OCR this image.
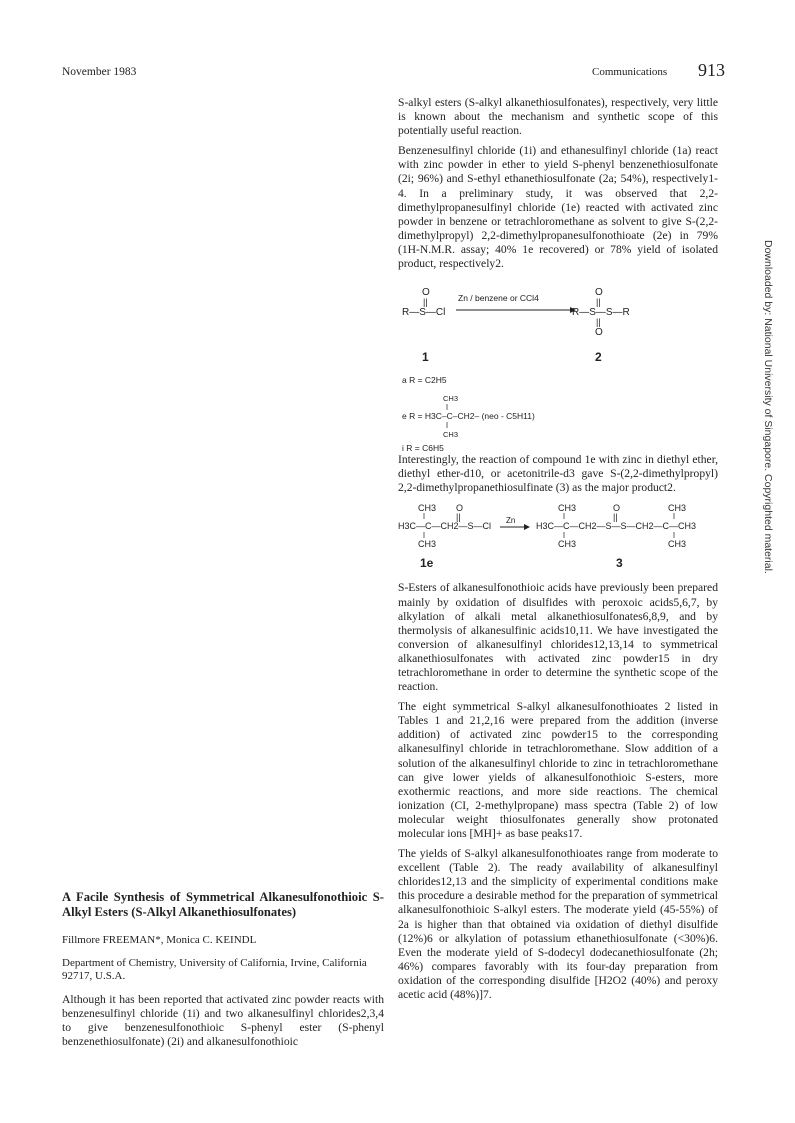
November 1983	Communications 913
Downloaded by: National University of Singapore. Copyrighted material.

S-alkyl esters (S-alkyl alkanethiosulfonates), respectively, very little is known about the mechanism and synthetic scope of this potentially useful reaction.

Benzenesulfinyl chloride (1i) and ethanesulfinyl chloride (1a) react with zinc powder in ether to yield S-phenyl benzenethiosulfonate (2i; 96%) and S-ethyl ethanethiosulfonate (2a; 54%), respectively1-4. In a preliminary study, it was observed that 2,2-dimethylpropanesulfinyl chloride (1e) reacted with activated zinc powder in benzene or tetrachloromethane as solvent to give S-(2,2-dimethylpropyl) 2,2-dimethylpropanesulfonothioate (2e) in 79% (1H-N.M.R. assay; 40% 1e recovered) or 78% yield of isolated product, respectively2.

O
||
R—S—Cl
Zn / benzene or CCl4	O
||
R—S—S—R
||
O
1	2
a R = C2H5
CH3
e R = H3C–C–CH2– (neo - C5H11)
CH3
i R = C6H5

Interestingly, the reaction of compound 1e with zinc in diethyl ether, diethyl ether-d10, or acetonitrile-d3 gave S-(2,2-dimethylpropyl) 2,2-dimethylpropanethiosulfinate (3) as the major product2.

CH3 O
||
H3C—C—CH2—S—Cl
CH3
Zn
CH3	O
||
CH3
H3C—C—CH2—S—S—CH2—C—CH3
CH3	CH3
1e	3

S-Esters of alkanesulfonothioic acids have previously been prepared mainly by oxidation of disulfides with peroxoic acids5,6,7, by alkylation of alkali metal alkanethiosulfonates6,8,9, and by thermolysis of alkanesulfinic acids10,11. We have investigated the conversion of alkanesulfinyl chlorides12,13,14 to symmetrical alkanethiosulfonates with activated zinc powder15 in dry tetrachloromethane in order to determine the synthetic scope of the reaction.

The eight symmetrical S-alkyl alkanesulfonothioates 2 listed in Tables 1 and 21,2,16 were prepared from the addition (inverse addition) of activated zinc powder15 to the corresponding alkanesulfinyl chloride in tetrachloromethane. Slow addition of a solution of the alkanesulfinyl chloride to zinc in tetrachloromethane can give lower yields of alkanesulfonothioic S-esters, more exothermic reactions, and more side reactions. The chemical ionization (CI, 2-methylpropane) mass spectra (Table 2) of low molecular weight thiosulfonates generally show protonated molecular ions [MH]+ as base peaks17.

The yields of S-alkyl alkanesulfonothioates range from moderate to excellent (Table 2). The ready availability of alkanesulfinyl chlorides12,13 and the simplicity of experimental conditions make this procedure a desirable method for the preparation of symmetrical alkanesulfonothioic S-alkyl esters. The moderate yield (45-55%) of 2a is higher than that obtained via oxidation of diethyl disulfide (12%)6 or alkylation of potassium ethanethiosulfonate (<30%)6. Even the moderate yield of S-dodecyl dodecanethiosulfonate (2h; 46%) compares favorably with its four-day preparation from oxidation of the corresponding disulfide [H2O2 (40%) and peroxy acetic acid (48%)]7.

A Facile Synthesis of Symmetrical Alkanesulfonothioic S-Alkyl Esters (S-Alkyl Alkanethiosulfonates)

Fillmore FREEMAN*, Monica C. KEINDL

Department of Chemistry, University of California, Irvine, California 92717, U.S.A.

Although it has been reported that activated zinc powder reacts with benzenesulfinyl chloride (1i) and two alkanesulfinyl chlorides2,3,4 to give benzenesulfonothioic S-phenyl ester (S-phenyl benzenethiosulfonate) (2i) and alkanesulfonothioic
